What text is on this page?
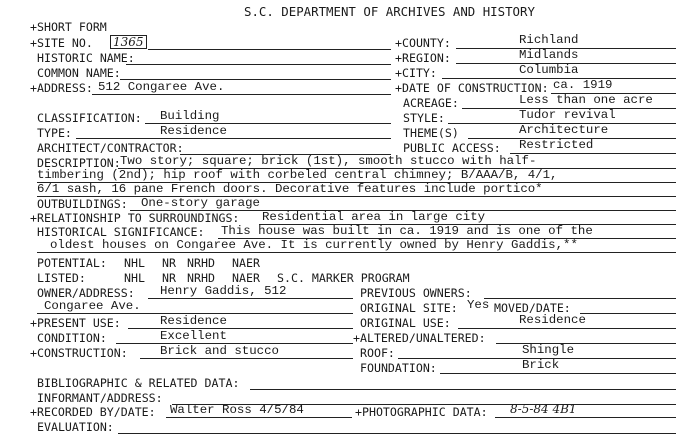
S.C. DEPARTMENT OF ARCHIVES AND HISTORY
+SHORT FORM
+SITE NO. 1365	+COUNTY:	Richland
HISTORIC NAME:	+REGION:	Midlands
COMMON NAME:	+CITY:	Columbia
+ADDRESS: 512 Congaree Ave.	+DATE OF CONSTRUCTION: ca. 1919
ACREAGE:	Less than one acre
CLASSIFICATION: Building	STYLE:	Tudor revival
TYPE:	Residence	THEME(S)	Architecture
ARCHITECT/CONTRACTOR:	PUBLIC ACCESS: Restricted
DESCRIPTION: Two story; square; brick (1st), smooth stucco with half-
timbering (2nd); hip roof with corbeled central chimney; B/AAA/B, 4/1,
6/1 sash, 16 pane French doors. Decorative features include portico*
OUTBUILDINGS: One-story garage
+RELATIONSHIP TO SURROUNDINGS: Residential area in large city
HISTORICAL SIGNIFICANCE: This house was built in ca. 1919 and is one of the
oldest houses on Congaree Ave. It is currently owned by Henry Gaddis,**
POTENTIAL: NHL NR NRHD NAER
LISTED:	NHL NR NRHD NAER S.C. MARKER PROGRAM
OWNER/ADDRESS: Henry Gaddis, 512	PREVIOUS OWNERS:
Congaree Ave.	ORIGINAL SITE: Yes MOVED/DATE:
+PRESENT USE:	Residence	ORIGINAL USE:	Residence
CONDITION:	Excellent	+ALTERED/UNALTERED:
+CONSTRUCTION:	Brick and stucco	ROOF:	Shingle
FOUNDATION:	Brick
BIBLIOGRAPHIC & RELATED DATA:
INFORMANT/ADDRESS:
+RECORDED BY/DATE: Walter Ross 4/5/84	+PHOTOGRAPHIC DATA: 8-5-84 4B1
EVALUATION:
